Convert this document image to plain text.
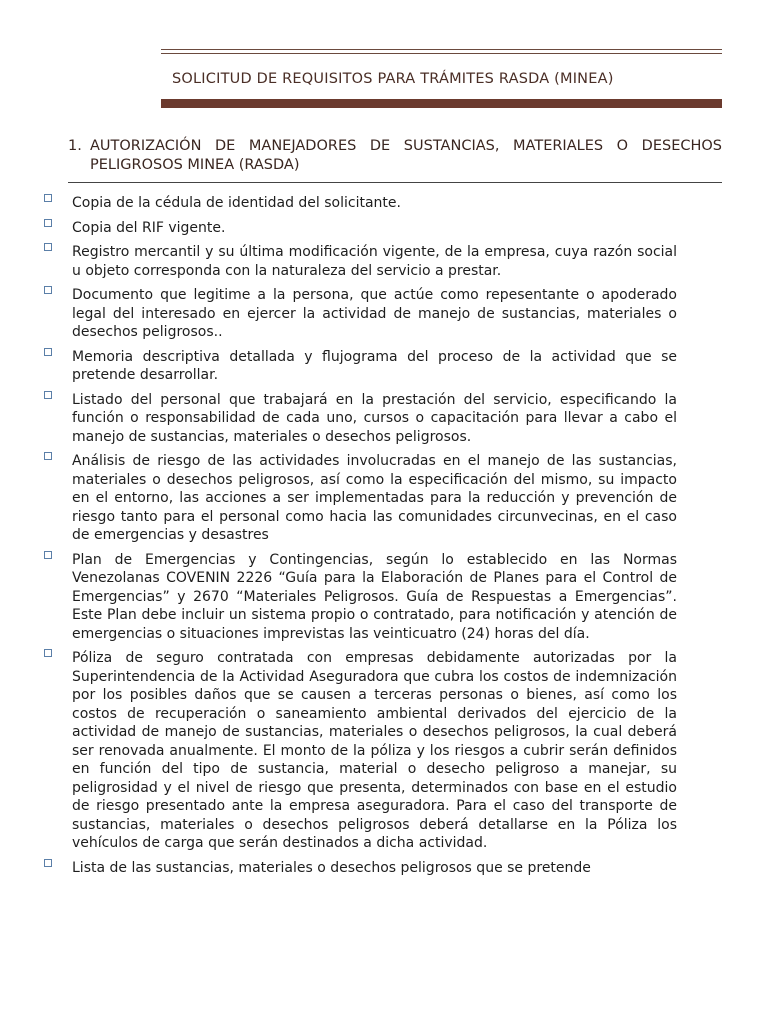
SOLICITUD DE REQUISITOS PARA TRÁMITES RASDA (MINEA)
1. AUTORIZACIÓN DE MANEJADORES DE SUSTANCIAS, MATERIALES O DESECHOS PELIGROSOS MINEA (RASDA)
Copia de la cédula de identidad del solicitante.
Copia del RIF vigente.
Registro mercantil y su última modificación vigente, de la empresa, cuya razón social u objeto corresponda con la naturaleza del servicio a prestar.
Documento que legitime a la persona, que actúe como repesentante o apoderado legal del interesado en ejercer la actividad de manejo de sustancias, materiales o desechos peligrosos..
Memoria descriptiva detallada y flujograma del proceso de la actividad que se pretende desarrollar.
Listado del personal que trabajará en la prestación del servicio, especificando la función o responsabilidad de cada uno, cursos o capacitación para llevar a cabo el manejo de sustancias, materiales o desechos peligrosos.
Análisis de riesgo de las actividades involucradas en el manejo de las sustancias, materiales o desechos peligrosos, así como la especificación del mismo, su impacto en el entorno, las acciones a ser implementadas para la reducción y prevención de riesgo tanto para el personal como hacia las comunidades circunvecinas, en el caso de emergencias y desastres
Plan de Emergencias y Contingencias, según lo establecido en las Normas Venezolanas COVENIN 2226 “Guía para la Elaboración de Planes para el Control de Emergencias” y 2670 “Materiales Peligrosos. Guía de Respuestas a Emergencias”. Este Plan debe incluir un sistema propio o contratado, para notificación y atención de emergencias o situaciones imprevistas las veinticuatro (24) horas del día.
Póliza de seguro contratada con empresas debidamente autorizadas por la Superintendencia de la Actividad Aseguradora que cubra los costos de indemnización por los posibles daños que se causen a terceras personas o bienes, así como los costos de recuperación o saneamiento ambiental derivados del ejercicio de la actividad de manejo de sustancias, materiales o desechos peligrosos, la cual deberá ser renovada anualmente. El monto de la póliza y los riesgos a cubrir serán definidos en función del tipo de sustancia, material o desecho peligroso a manejar, su peligrosidad y el nivel de riesgo que presenta, determinados con base en el estudio de riesgo presentado ante la empresa aseguradora. Para el caso del transporte de sustancias, materiales o desechos peligrosos deberá detallarse en la Póliza los vehículos de carga que serán destinados a dicha actividad.
Lista de las sustancias, materiales o desechos peligrosos que se pretende
